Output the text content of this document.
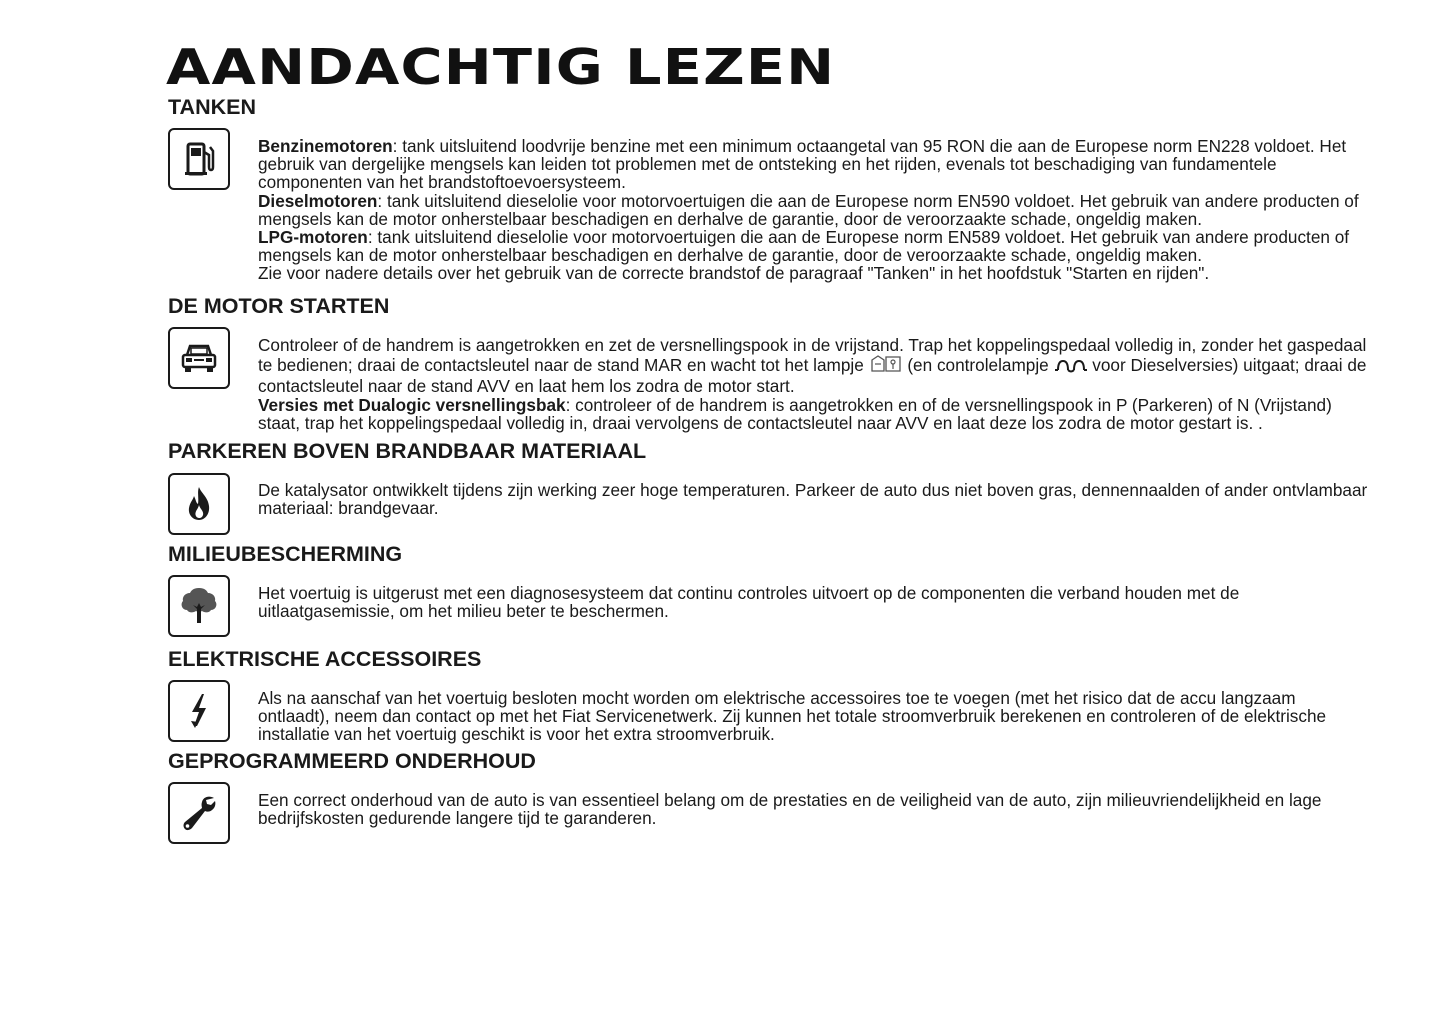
AANDACHTIG LEZEN
TANKEN

Benzinemotoren: tank uitsluitend loodvrije benzine met een minimum octaangetal van 95 RON die aan de Europese norm EN228 voldoet. Het gebruik van dergelijke mengsels kan leiden tot problemen met de ontsteking en het rijden, evenals tot beschadiging van fundamentele componenten van het brandstoftoevoersysteem.

Dieselmotoren: tank uitsluitend dieselolie voor motorvoertuigen die aan de Europese norm EN590 voldoet. Het gebruik van andere producten of mengsels kan de motor onherstelbaar beschadigen en derhalve de garantie, door de veroorzaakte schade, ongeldig maken.

LPG-motoren: tank uitsluitend dieselolie voor motorvoertuigen die aan de Europese norm EN589 voldoet. Het gebruik van andere producten of mengsels kan de motor onherstelbaar beschadigen en derhalve de garantie, door de veroorzaakte schade, ongeldig maken.

Zie voor nadere details over het gebruik van de correcte brandstof de paragraaf "Tanken" in het hoofdstuk "Starten en rijden".

DE MOTOR STARTEN

Controleer of de handrem is aangetrokken en zet de versnellingspook in de vrijstand. Trap het koppelingspedaal volledig in, zonder het gaspedaal te bedienen; draai de contactsleutel naar de stand MAR en wacht tot het lampje  (en controlelampje  voor Dieselversies) uitgaat; draai de contactsleutel naar de stand AVV en laat hem los zodra de motor start.

Versies met Dualogic versnellingsbak: controleer of de handrem is aangetrokken en of de versnellingspook in P (Parkeren) of N (Vrijstand) staat, trap het koppelingspedaal volledig in, draai vervolgens de contactsleutel naar AVV en laat deze los zodra de motor gestart is. .

PARKEREN BOVEN BRANDBAAR MATERIAAL

De katalysator ontwikkelt tijdens zijn werking zeer hoge temperaturen. Parkeer de auto dus niet boven gras, dennennaalden of ander ontvlambaar materiaal: brandgevaar.

MILIEUBESCHERMING

Het voertuig is uitgerust met een diagnosesysteem dat continu controles uitvoert op de componenten die verband houden met de uitlaatgasemissie, om het milieu beter te beschermen.

ELEKTRISCHE ACCESSOIRES

Als na aanschaf van het voertuig besloten mocht worden om elektrische accessoires toe te voegen (met het risico dat de accu langzaam ontlaadt), neem dan contact op met het Fiat Servicenetwerk. Zij kunnen het totale stroomverbruik berekenen en controleren of de elektrische installatie van het voertuig geschikt is voor het extra stroomverbruik.

GEPROGRAMMEERD ONDERHOUD

Een correct onderhoud van de auto is van essentieel belang om de prestaties en de veiligheid van de auto, zijn milieuvriendelijkheid en lage bedrijfskosten gedurende langere tijd te garanderen.
